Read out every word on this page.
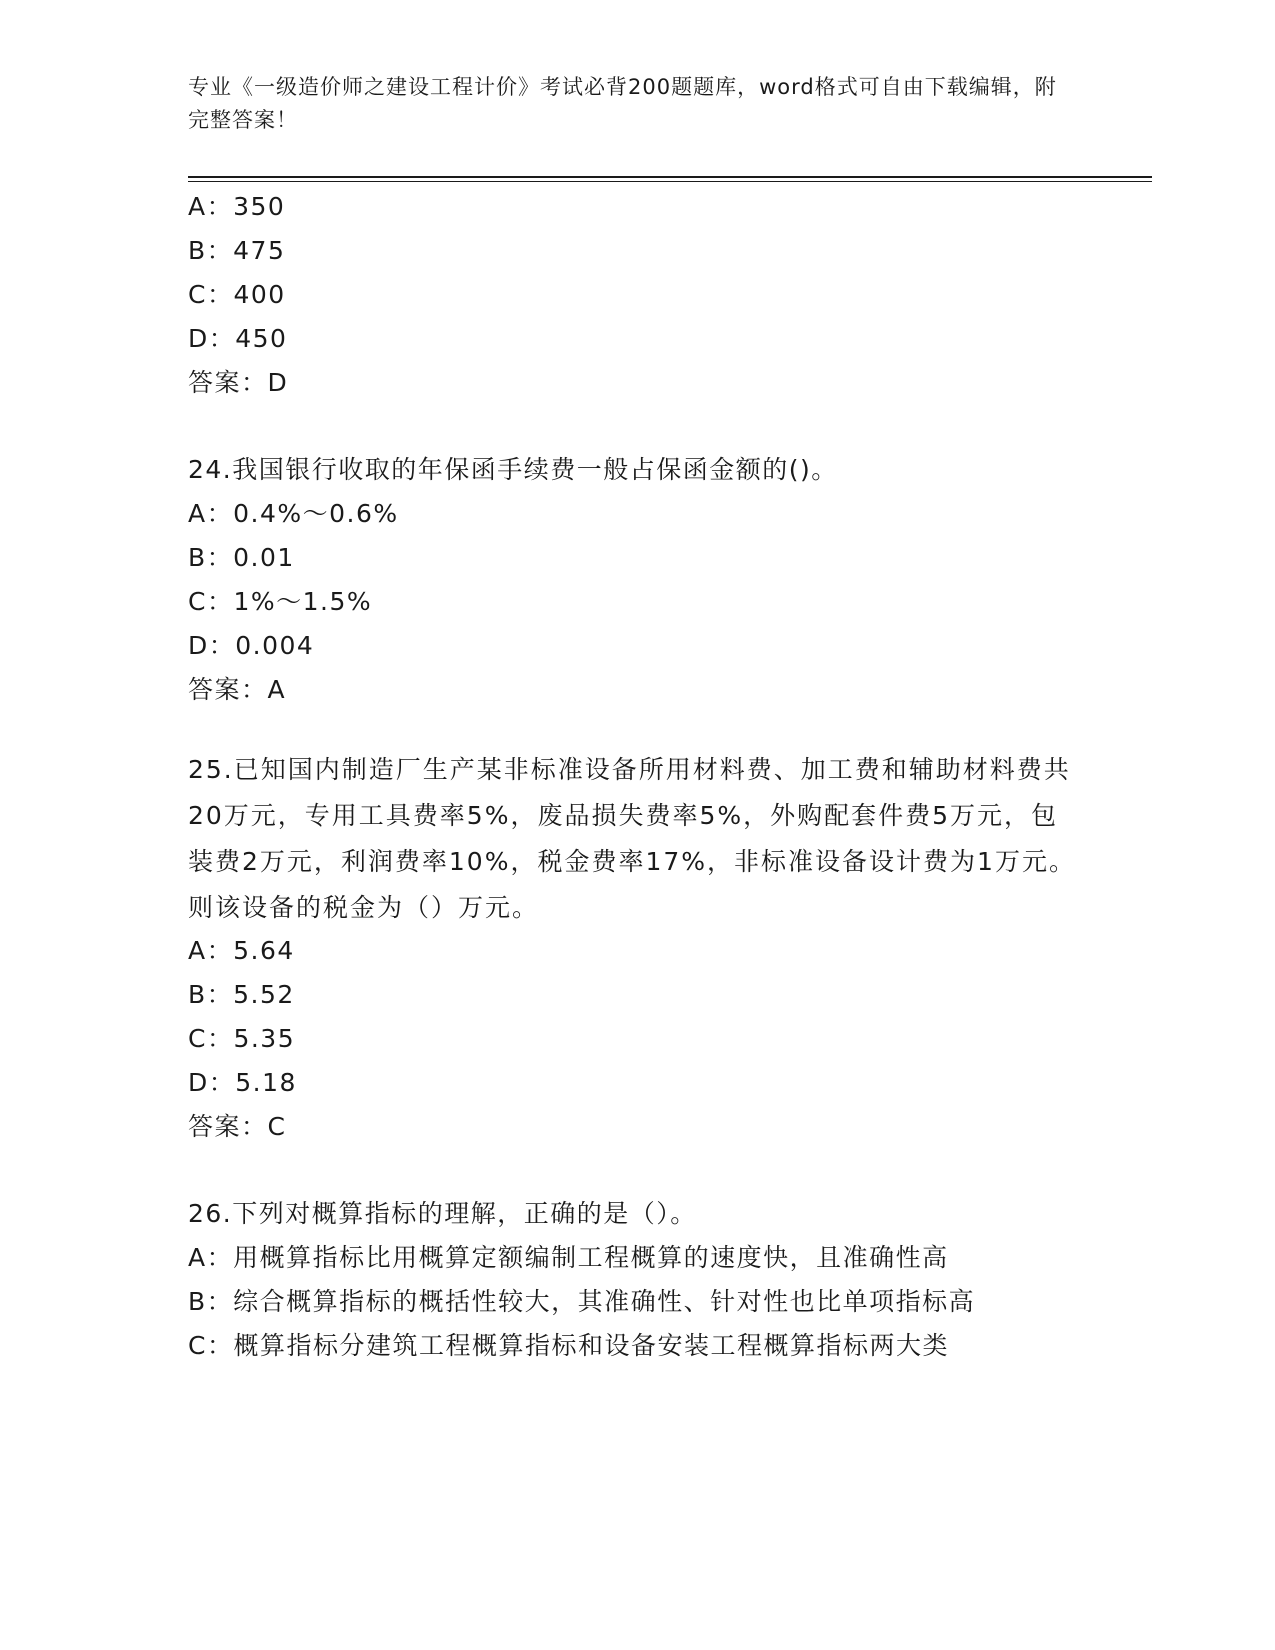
专业《一级造价师之建设工程计价》考试必背200题题库，word格式可自由下载编辑，附完整答案！
A：350
B：475
C：400
D：450
答案：D
24.我国银行收取的年保函手续费一般占保函金额的()。
A：0.4%～0.6%
B：0.01
C：1%～1.5%
D：0.004
答案：A
25.已知国内制造厂生产某非标准设备所用材料费、加工费和辅助材料费共20万元，专用工具费率5%，废品损失费率5%，外购配套件费5万元，包装费2万元，利润费率10%，税金费率17%，非标准设备设计费为1万元。则该设备的税金为（）万元。
A：5.64
B：5.52
C：5.35
D：5.18
答案：C
26.下列对概算指标的理解，正确的是（）。
A：用概算指标比用概算定额编制工程概算的速度快，且准确性高
B：综合概算指标的概括性较大，其准确性、针对性也比单项指标高
C：概算指标分建筑工程概算指标和设备安装工程概算指标两大类
